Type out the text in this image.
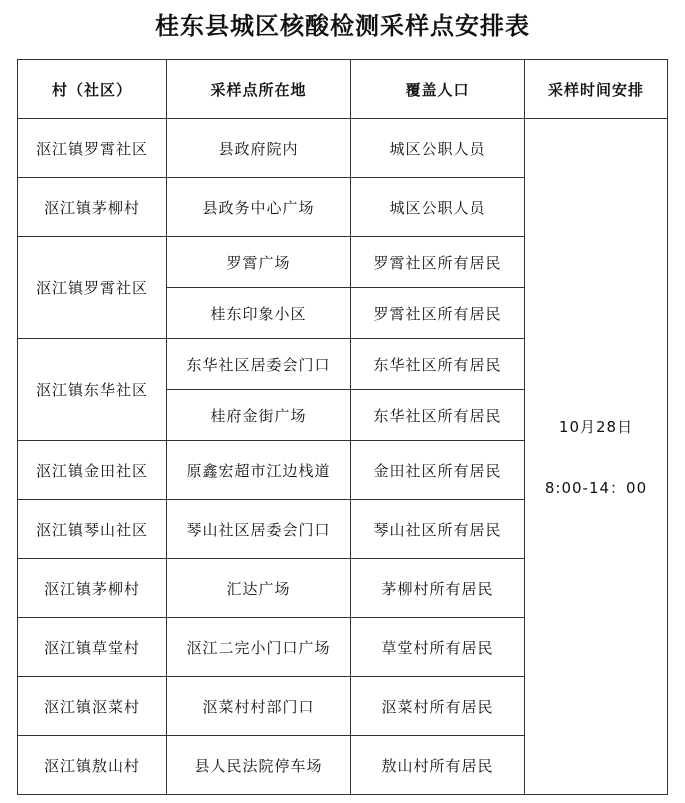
桂东县城区核酸检测采样点安排表
村（社区）	采样点所在地	覆盖人口	采样时间安排
沤江镇罗霄社区	县政府院内	城区公职人员	10月28日
8:00-14：00

沤江镇茅柳村	县政务中心广场	城区公职人员	
沤江镇罗霄社区	罗霄广场	罗霄社区所有居民	
	桂东印象小区	罗霄社区所有居民	
沤江镇东华社区	东华社区居委会门口	东华社区所有居民	
	桂府金街广场	东华社区所有居民	
沤江镇金田社区	原鑫宏超市江边栈道	金田社区所有居民	
沤江镇琴山社区	琴山社区居委会门口	琴山社区所有居民	
沤江镇茅柳村	汇达广场	茅柳村所有居民	
沤江镇草堂村	沤江二完小门口广场	草堂村所有居民	
沤江镇沤菜村	沤菜村村部门口	沤菜村所有居民	
沤江镇敖山村	县人民法院停车场	敖山村所有居民	
